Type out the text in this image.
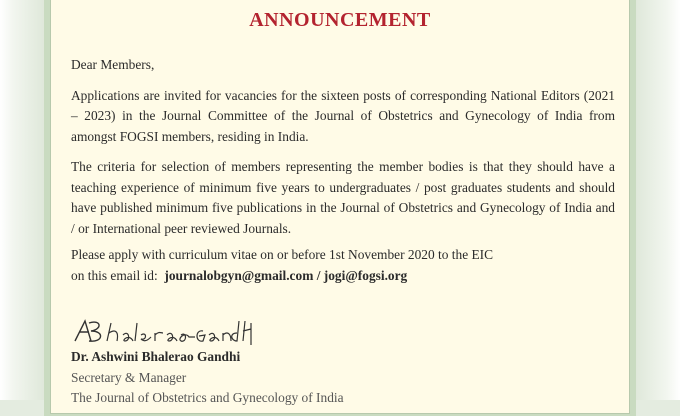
ANNOUNCEMENT

Dear Members,

Applications are invited for vacancies for the sixteen posts of corresponding National Editors (2021 – 2023) in the Journal Committee of the Journal of Obstetrics and Gynecology of India from amongst FOGSI members, residing in India.

The criteria for selection of members representing the member bodies is that they should have a teaching experience of minimum five years to undergraduates / post graduates students and should have published minimum five publications in the Journal of Obstetrics and Gynecology of India and / or International peer reviewed Journals.

Please apply with curriculum vitae on or before 1st November 2020 to the EIC
on this email id: journalobgyn@gmail.com / jogi@fogsi.org
Dr. Ashwini Bhalerao Gandhi
Secretary & Manager
The Journal of Obstetrics and Gynecology of India
